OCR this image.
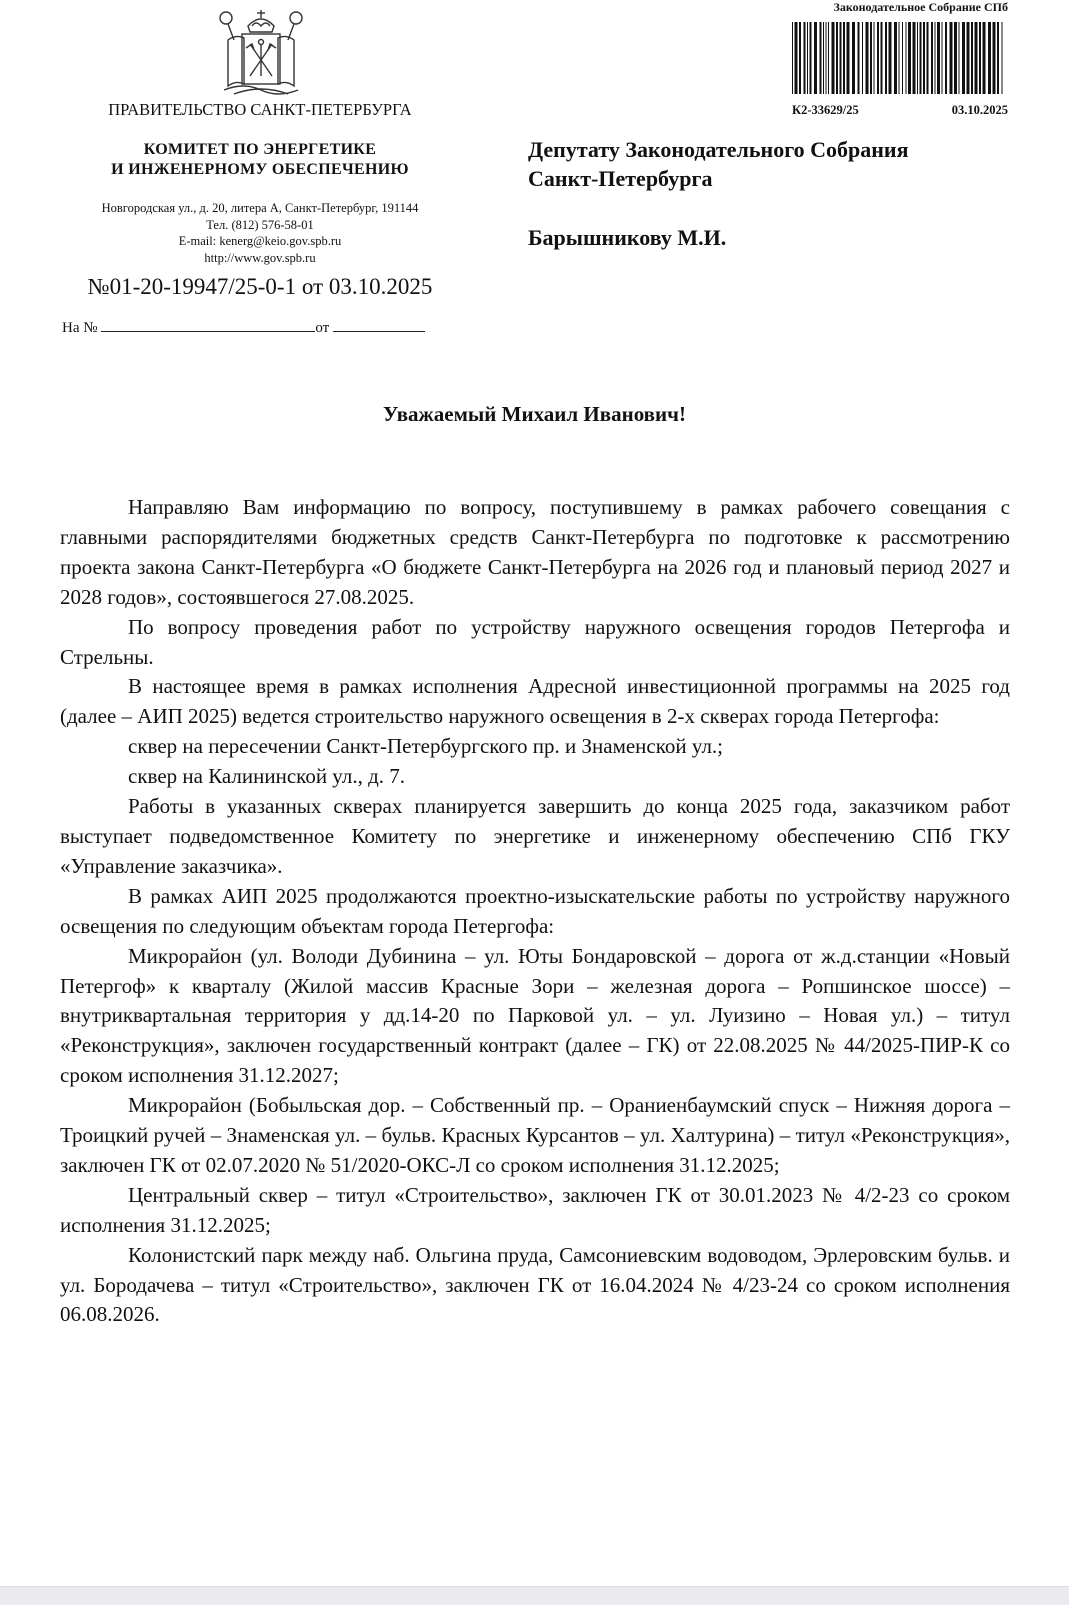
ПРАВИТЕЛЬСТВО САНКТ-ПЕТЕРБУРГА
КОМИТЕТ ПО ЭНЕРГЕТИКЕ
И ИНЖЕНЕРНОМУ ОБЕСПЕЧЕНИЮ
Новгородская ул., д. 20, литера А, Санкт-Петербург, 191144
Тел. (812) 576-58-01
E-mail: kenerg@keio.gov.spb.ru
http://www.gov.spb.ru
№01-20-19947/25-0-1 от 03.10.2025
На №	от
Законодательное Собрание СПб
К2-33629/25	03.10.2025
Депутату Законодательного Собрания
Санкт-Петербурга
Барышникову М.И.
Уважаемый Михаил Иванович!

Направляю Вам информацию по вопросу, поступившему в рамках рабочего совещания с главными распорядителями бюджетных средств Санкт-Петербурга по подготовке к рассмотрению проекта закона Санкт-Петербурга «О бюджете Санкт-Петербурга на 2026 год и плановый период 2027 и 2028 годов», состоявшегося 27.08.2025.

По вопросу проведения работ по устройству наружного освещения городов Петергофа и Стрельны.

В настоящее время в рамках исполнения Адресной инвестиционной программы на 2025 год (далее – АИП 2025) ведется строительство наружного освещения в 2-х скверах города Петергофа:

сквер на пересечении Санкт-Петербургского пр. и Знаменской ул.;

сквер на Калининской ул., д. 7.

Работы в указанных скверах планируется завершить до конца 2025 года, заказчиком работ выступает подведомственное Комитету по энергетике и инженерному обеспечению СПб ГКУ «Управление заказчика».

В рамках АИП 2025 продолжаются проектно-изыскательские работы по устройству наружного освещения по следующим объектам города Петергофа:

Микрорайон (ул. Володи Дубинина – ул. Юты Бондаровской – дорога от ж.д.станции «Новый Петергоф» к кварталу (Жилой массив Красные Зори – железная дорога – Ропшинское шоссе) – внутриквартальная территория у дд.14-20 по Парковой ул. – ул. Луизино – Новая ул.) – титул «Реконструкция», заключен государственный контракт (далее – ГК) от 22.08.2025 № 44/2025-ПИР-К со сроком исполнения 31.12.2027;

Микрорайон (Бобыльская дор. – Собственный пр. – Ораниенбаумский спуск – Нижняя дорога – Троицкий ручей – Знаменская ул. – бульв. Красных Курсантов – ул. Халтурина) – титул «Реконструкция», заключен ГК от 02.07.2020 № 51/2020-ОКС-Л со сроком исполнения 31.12.2025;

Центральный сквер – титул «Строительство», заключен ГК от 30.01.2023 № 4/2-23 со сроком исполнения 31.12.2025;

Колонистский парк между наб. Ольгина пруда, Самсониевским водоводом, Эрлеровским бульв. и ул. Бородачева – титул «Строительство», заключен ГК от 16.04.2024 № 4/23-24 со сроком исполнения 06.08.2026.
